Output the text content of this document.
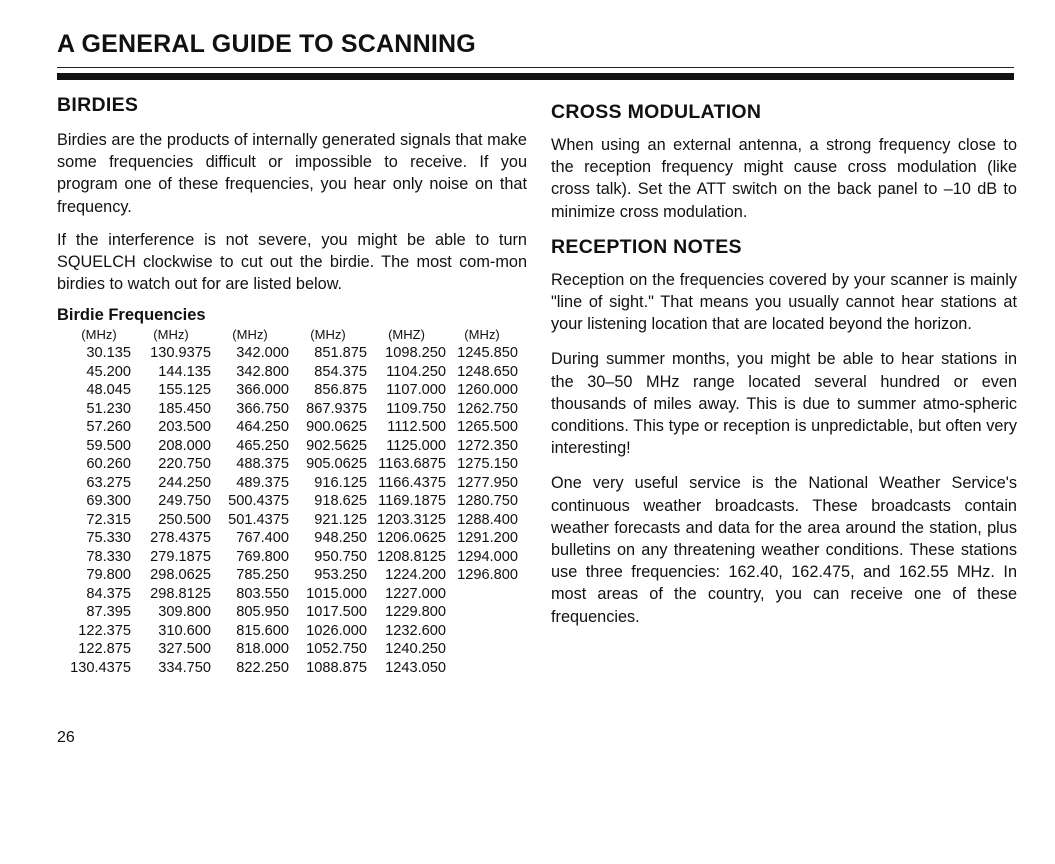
A GENERAL GUIDE TO SCANNING
BIRDIES

Birdies are the products of internally generated signals that make some frequencies difficult or impossible to receive. If you program one of these frequencies, you hear only noise on that frequency.

If the interference is not severe, you might be able to turn SQUELCH clockwise to cut out the birdie. The most com-mon birdies to watch out for are listed below.

Birdie Frequencies
(MHz)	(MHz)	(MHz)	(MHz)	(MHZ)	(MHz)
30.135	130.9375	342.000	851.875	1098.250	1245.850
45.200	144.135	342.800	854.375	1104.250	1248.650
48.045	155.125	366.000	856.875	1107.000	1260.000
51.230	185.450	366.750	867.9375	1109.750	1262.750
57.260	203.500	464.250	900.0625	1112.500	1265.500
59.500	208.000	465.250	902.5625	1125.000	1272.350
60.260	220.750	488.375	905.0625	1163.6875	1275.150
63.275	244.250	489.375	916.125	1166.4375	1277.950
69.300	249.750	500.4375	918.625	1169.1875	1280.750
72.315	250.500	501.4375	921.125	1203.3125	1288.400
75.330	278.4375	767.400	948.250	1206.0625	1291.200
78.330	279.1875	769.800	950.750	1208.8125	1294.000
79.800	298.0625	785.250	953.250	1224.200	1296.800
84.375	298.8125	803.550	1015.000	1227.000	
87.395	309.800	805.950	1017.500	1229.800	
122.375	310.600	815.600	1026.000	1232.600	
122.875	327.500	818.000	1052.750	1240.250	
130.4375	334.750	822.250	1088.875	1243.050	
CROSS MODULATION

When using an external antenna, a strong frequency close to the reception frequency might cause cross modulation (like cross talk). Set the ATT switch on the back panel to –10 dB to minimize cross modulation.

RECEPTION NOTES

Reception on the frequencies covered by your scanner is mainly "line of sight." That means you usually cannot hear stations at your listening location that are located beyond the horizon.

During summer months, you might be able to hear stations in the 30–50 MHz range located several hundred or even thousands of miles away. This is due to summer atmo-spheric conditions. This type or reception is unpredictable, but often very interesting!

One very useful service is the National Weather Service's continuous weather broadcasts. These broadcasts contain weather forecasts and data for the area around the station, plus bulletins on any threatening weather conditions. These stations use three frequencies: 162.40, 162.475, and 162.55 MHz. In most areas of the country, you can receive one of these frequencies.

26
